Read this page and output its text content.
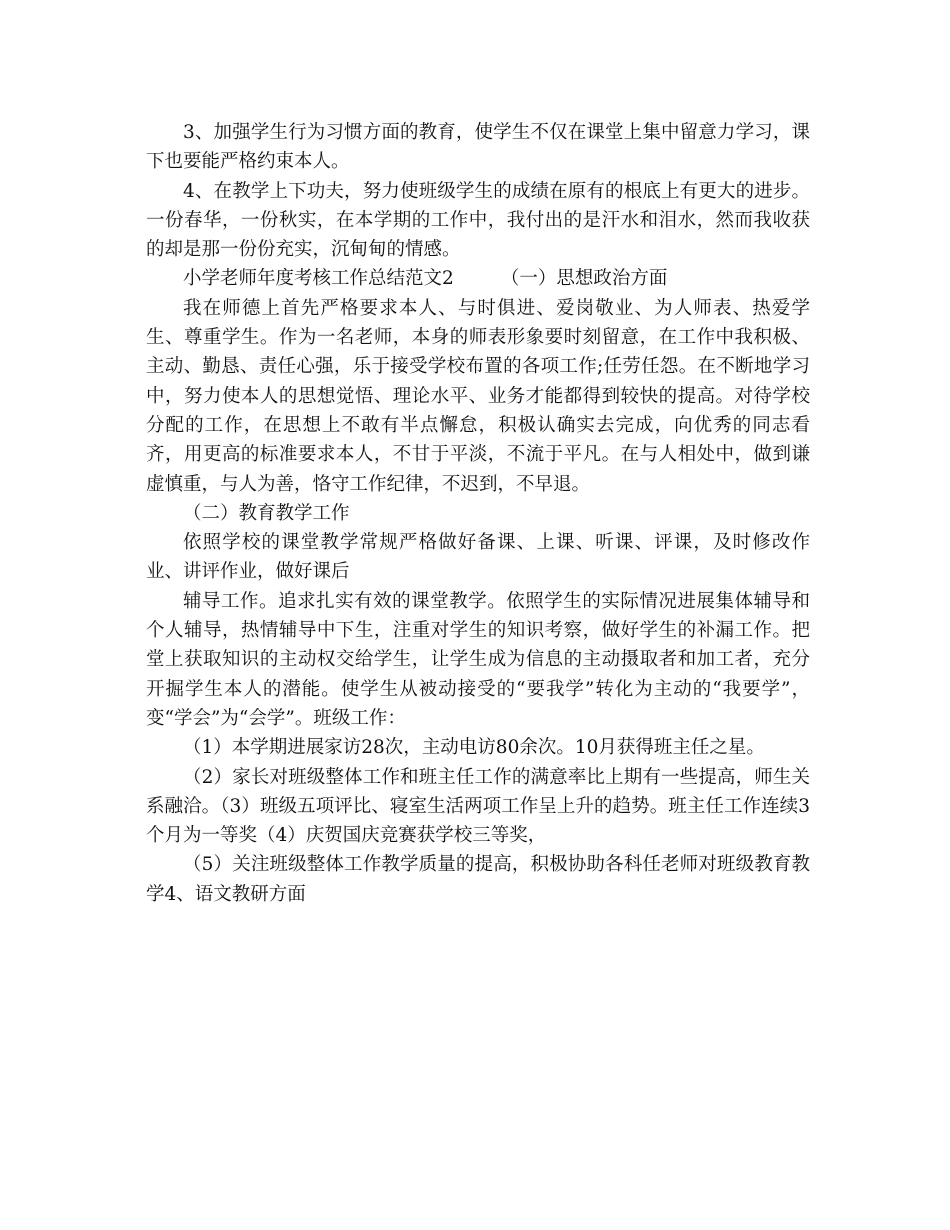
3、加强学生行为习惯方面的教育，使学生不仅在课堂上集中留意力学习，课下也要能严格约束本人。

4、在教学上下功夫，努力使班级学生的成绩在原有的根底上有更大的进步。一份春华，一份秋实，在本学期的工作中，我付出的是汗水和泪水，然而我收获的却是那一份份充实，沉甸甸的情感。

小学老师年度考核工作总结范文2        （一）思想政治方面

我在师德上首先严格要求本人、与时俱进、爱岗敬业、为人师表、热爱学生、尊重学生。作为一名老师，本身的师表形象要时刻留意，在工作中我积极、主动、勤恳、责任心强，乐于接受学校布置的各项工作;任劳任怨。在不断地学习中，努力使本人的思想觉悟、理论水平、业务才能都得到较快的提高。对待学校分配的工作，在思想上不敢有半点懈怠，积极认确实去完成，向优秀的同志看齐，用更高的标准要求本人，不甘于平淡，不流于平凡。在与人相处中，做到谦虚慎重，与人为善，恪守工作纪律，不迟到，不早退。

（二）教育教学工作

依照学校的课堂教学常规严格做好备课、上课、听课、评课，及时修改作业、讲评作业，做好课后

辅导工作。追求扎实有效的课堂教学。依照学生的实际情况进展集体辅导和个人辅导，热情辅导中下生，注重对学生的知识考察，做好学生的补漏工作。把堂上获取知识的主动权交给学生，让学生成为信息的主动摄取者和加工者，充分开掘学生本人的潜能。使学生从被动接受的“要我学”转化为主动的“我要学”，变“学会”为“会学”。班级工作：

（1）本学期进展家访28次，主动电访80余次。10月获得班主任之星。

（2）家长对班级整体工作和班主任工作的满意率比上期有一些提高，师生关系融洽。（3）班级五项评比、寝室生活两项工作呈上升的趋势。班主任工作连续3个月为一等奖（4）庆贺国庆竞赛获学校三等奖，

（5）关注班级整体工作教学质量的提高，积极协助各科任老师对班级教育教学4、语文教研方面
